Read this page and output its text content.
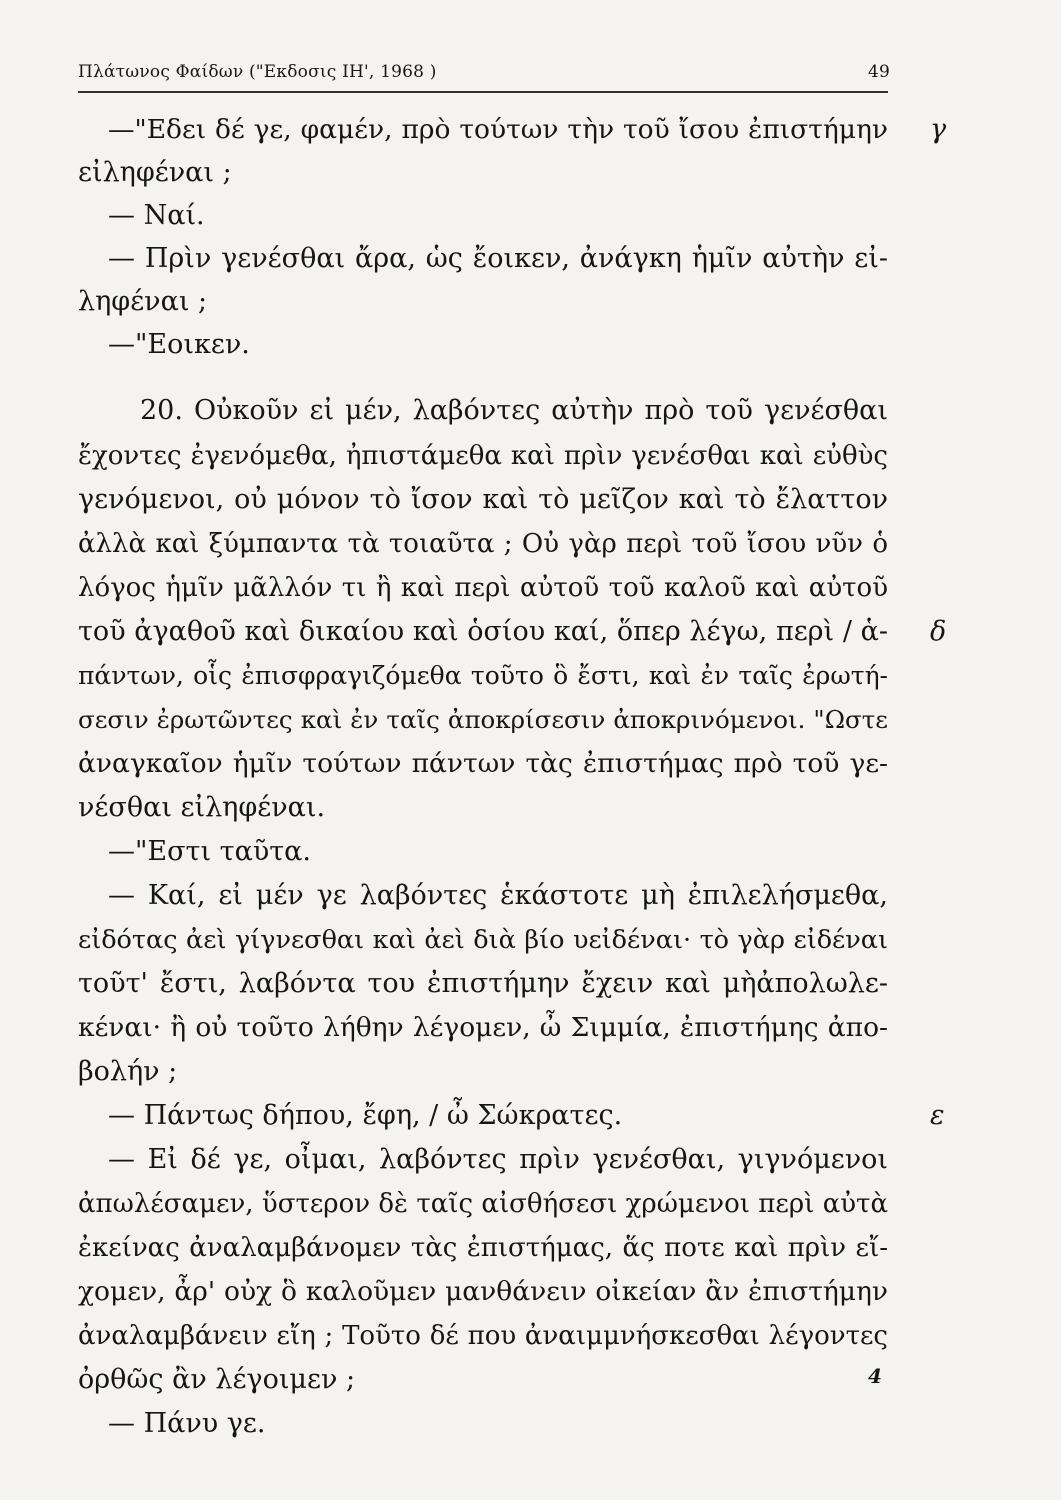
Πλάτωνος Φαίδων ("Εκδοσις ΙΗ', 1968 )	49
—"Εδει δέ γε, φαμέν, πρὸ τούτων τὴν τοῦ ἴσου ἐπιστήμην
εἰληφέναι ;
— Ναί.
— Πρὶν γενέσθαι ἄρα, ὡς ἔοικεν, ἀνάγκη ἡμῖν αὐτὴν εἰ-
ληφέναι ;
—"Εοικεν.
20. Οὐκοῦν εἰ μέν, λαβόντες αὐτὴν πρὸ τοῦ γενέσθαι
ἔχοντες ἐγενόμεθα, ἠπιστάμεθα καὶ πρὶν γενέσθαι καὶ εὐθὺς
γενόμενοι, οὐ μόνον τὸ ἴσον καὶ τὸ μεῖζον καὶ τὸ ἔλαττον
ἀλλὰ καὶ ξύμπαντα τὰ τοιαῦτα ; Οὐ γὰρ περὶ τοῦ ἴσου νῦν ὁ
λόγος ἡμῖν μᾶλλόν τι ἢ καὶ περὶ αὐτοῦ τοῦ καλοῦ καὶ αὐτοῦ
τοῦ ἀγαθοῦ καὶ δικαίου καὶ ὁσίου καί, ὅπερ λέγω, περὶ / ἁ-
πάντων, οἷς ἐπισφραγιζόμεθα τοῦτο ὃ ἔστι, καὶ ἐν ταῖς ἐρωτή-
σεσιν ἐρωτῶντες καὶ ἐν ταῖς ἀποκρίσεσιν ἀποκρινόμενοι. "Ωστε
ἀναγκαῖον ἡμῖν τούτων πάντων τὰς ἐπιστήμας πρὸ τοῦ γε-
νέσθαι εἰληφέναι.
—"Εστι ταῦτα.
— Καί, εἰ μέν γε λαβόντες ἑκάστοτε μὴ ἐπιλελήσμεθα,
εἰδότας ἀεὶ γίγνεσθαι καὶ ἀεὶ διὰ βίο υεἰδέναι· τὸ γὰρ εἰδέναι
τοῦτ' ἔστι, λαβόντα του ἐπιστήμην ἔχειν καὶ μὴἀπολωλε-
κέναι· ἢ οὐ τοῦτο λήθην λέγομεν, ὦ Σιμμία, ἐπιστήμης ἀπο-
βολήν ;
— Πάντως δήπου, ἔφη, / ὦ Σώκρατες.
— Εἰ δέ γε, οἶμαι, λαβόντες πρὶν γενέσθαι, γιγνόμενοι
ἀπωλέσαμεν, ὕστερον δὲ ταῖς αἰσθήσεσι χρώμενοι περὶ αὐτὰ
ἐκείνας ἀναλαμβάνομεν τὰς ἐπιστήμας, ἅς ποτε καὶ πρὶν εἴ-
χομεν, ἆρ' οὐχ ὃ καλοῦμεν μανθάνειν οἰκείαν ἂν ἐπιστήμην
ἀναλαμβάνειν εἴη ; Τοῦτο δέ που ἀναιμμνήσκεσθαι λέγοντες
ὀρθῶς ἂν λέγοιμεν ;
— Πάνυ γε.
γ
δ
ε
4
